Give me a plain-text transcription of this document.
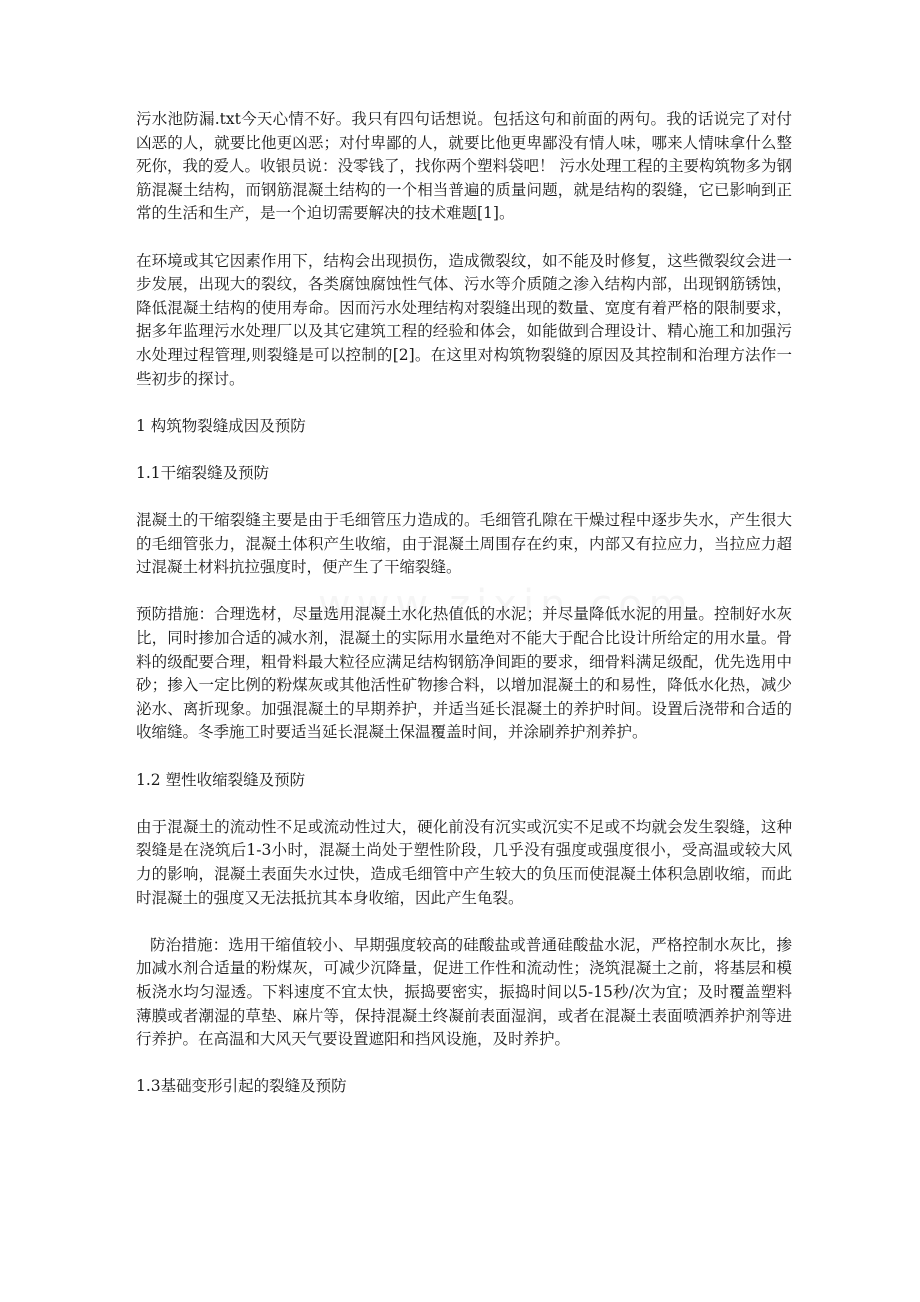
污水池防漏.txt今天心情不好。我只有四句话想说。包括这句和前面的两句。我的话说完了对付凶恶的人，就要比他更凶恶；对付卑鄙的人，就要比他更卑鄙没有情人味，哪来人情味拿什么整死你，我的爱人。收银员说：没零钱了，找你两个塑料袋吧！ 污水处理工程的主要构筑物多为钢筋混凝土结构，而钢筋混凝土结构的一个相当普遍的质量问题，就是结构的裂缝，它已影响到正常的生活和生产，是一个迫切需要解决的技术难题[1]。

在环境或其它因素作用下，结构会出现损伤，造成微裂纹，如不能及时修复，这些微裂纹会进一步发展，出现大的裂纹，各类腐蚀腐蚀性气体、污水等介质随之渗入结构内部，出现钢筋锈蚀，降低混凝土结构的使用寿命。因而污水处理结构对裂缝出现的数量、宽度有着严格的限制要求，据多年监理污水处理厂以及其它建筑工程的经验和体会，如能做到合理设计、精心施工和加强污水处理过程管理,则裂缝是可以控制的[2]。在这里对构筑物裂缝的原因及其控制和治理方法作一些初步的探讨。

1 构筑物裂缝成因及预防

1.1干缩裂缝及预防

混凝土的干缩裂缝主要是由于毛细管压力造成的。毛细管孔隙在干燥过程中逐步失水，产生很大的毛细管张力，混凝土体积产生收缩，由于混凝土周围存在约束，内部又有拉应力，当拉应力超过混凝土材料抗拉强度时，便产生了干缩裂缝。

预防措施：合理选材，尽量选用混凝土水化热值低的水泥；并尽量降低水泥的用量。控制好水灰比，同时掺加合适的减水剂，混凝土的实际用水量绝对不能大于配合比设计所给定的用水量。骨料的级配要合理，粗骨料最大粒径应满足结构钢筋净间距的要求，细骨料满足级配，优先选用中砂；掺入一定比例的粉煤灰或其他活性矿物掺合料，以增加混凝土的和易性，降低水化热，减少泌水、离折现象。加强混凝土的早期养护，并适当延长混凝土的养护时间。设置后浇带和合适的收缩缝。冬季施工时要适当延长混凝土保温覆盖时间，并涂刷养护剂养护。

1.2 塑性收缩裂缝及预防

由于混凝土的流动性不足或流动性过大，硬化前没有沉实或沉实不足或不均就会发生裂缝，这种裂缝是在浇筑后1-3小时，混凝土尚处于塑性阶段，几乎没有强度或强度很小，受高温或较大风力的影响，混凝土表面失水过快，造成毛细管中产生较大的负压而使混凝土体积急剧收缩，而此时混凝土的强度又无法抵抗其本身收缩，因此产生龟裂。

防治措施：选用干缩值较小、早期强度较高的硅酸盐或普通硅酸盐水泥，严格控制水灰比，掺加减水剂合适量的粉煤灰，可减少沉降量，促进工作性和流动性；浇筑混凝土之前，将基层和模板浇水均匀湿透。下料速度不宜太快，振捣要密实，振捣时间以5-15秒/次为宜；及时覆盖塑料薄膜或者潮湿的草垫、麻片等，保持混凝土终凝前表面湿润，或者在混凝土表面喷洒养护剂等进行养护。在高温和大风天气要设置遮阳和挡风设施，及时养护。

1.3基础变形引起的裂缝及预防
